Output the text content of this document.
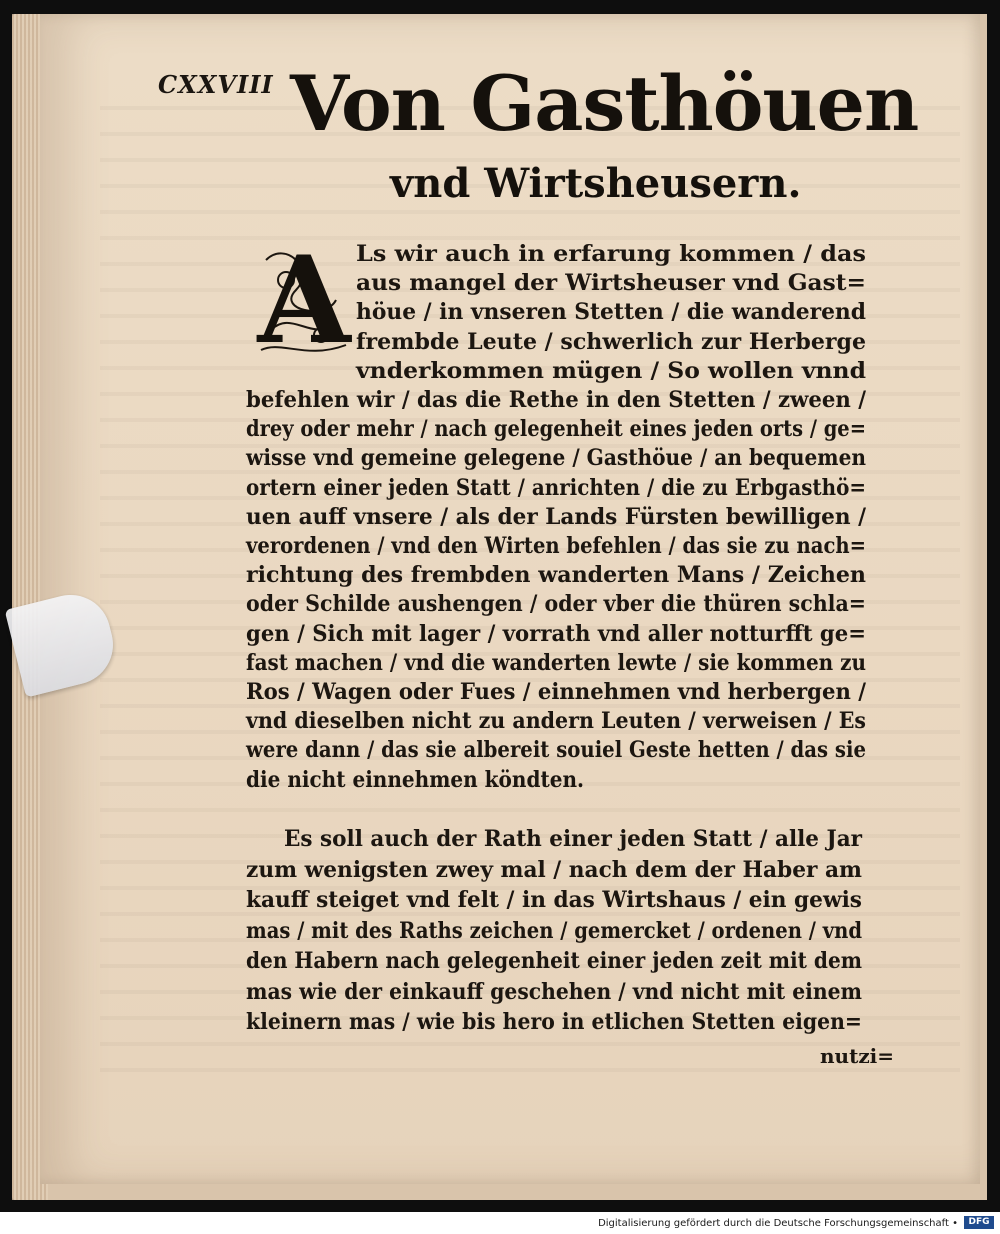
CXXVIII Von Gasthöuen
vnd Wirtsheusern.
A Ls wir auch in erfarung kommen / das
aus mangel der Wirtsheuser vnd Gast=
höue / in vnseren Stetten / die wanderend
frembde Leute / schwerlich zur Herberge
vnderkommen mügen / So wollen vnnd
befehlen wir / das die Rethe in den Stetten / zween /
drey oder mehr / nach gelegenheit eines jeden orts / ge=
wisse vnd gemeine gelegene / Gasthöue / an bequemen
ortern einer jeden Statt / anrichten / die zu Erbgasthö=
uen auff vnsere / als der Lands Fürsten bewilligen /
verordenen / vnd den Wirten befehlen / das sie zu nach=
richtung des frembden wanderten Mans / Zeichen
oder Schilde aushengen / oder vber die thüren schla=
gen / Sich mit lager / vorrath vnd aller notturfft ge=
fast machen / vnd die wanderten lewte / sie kommen zu
Ros / Wagen oder Fues / einnehmen vnd herbergen /
vnd dieselben nicht zu andern Leuten / verweisen / Es
were dann / das sie albereit souiel Geste hetten / das sie
die nicht einnehmen köndten.
Es soll auch der Rath einer jeden Statt / alle Jar
zum wenigsten zwey mal / nach dem der Haber am
kauff steiget vnd felt / in das Wirtshaus / ein gewis
mas / mit des Raths zeichen / gemercket / ordenen / vnd
den Habern nach gelegenheit einer jeden zeit mit dem
mas wie der einkauff geschehen / vnd nicht mit einem
kleinern mas / wie bis hero in etlichen Stetten eigen=
nutzi=
Digitalisierung gefördert durch die Deutsche Forschungsgemeinschaft •	DFG
